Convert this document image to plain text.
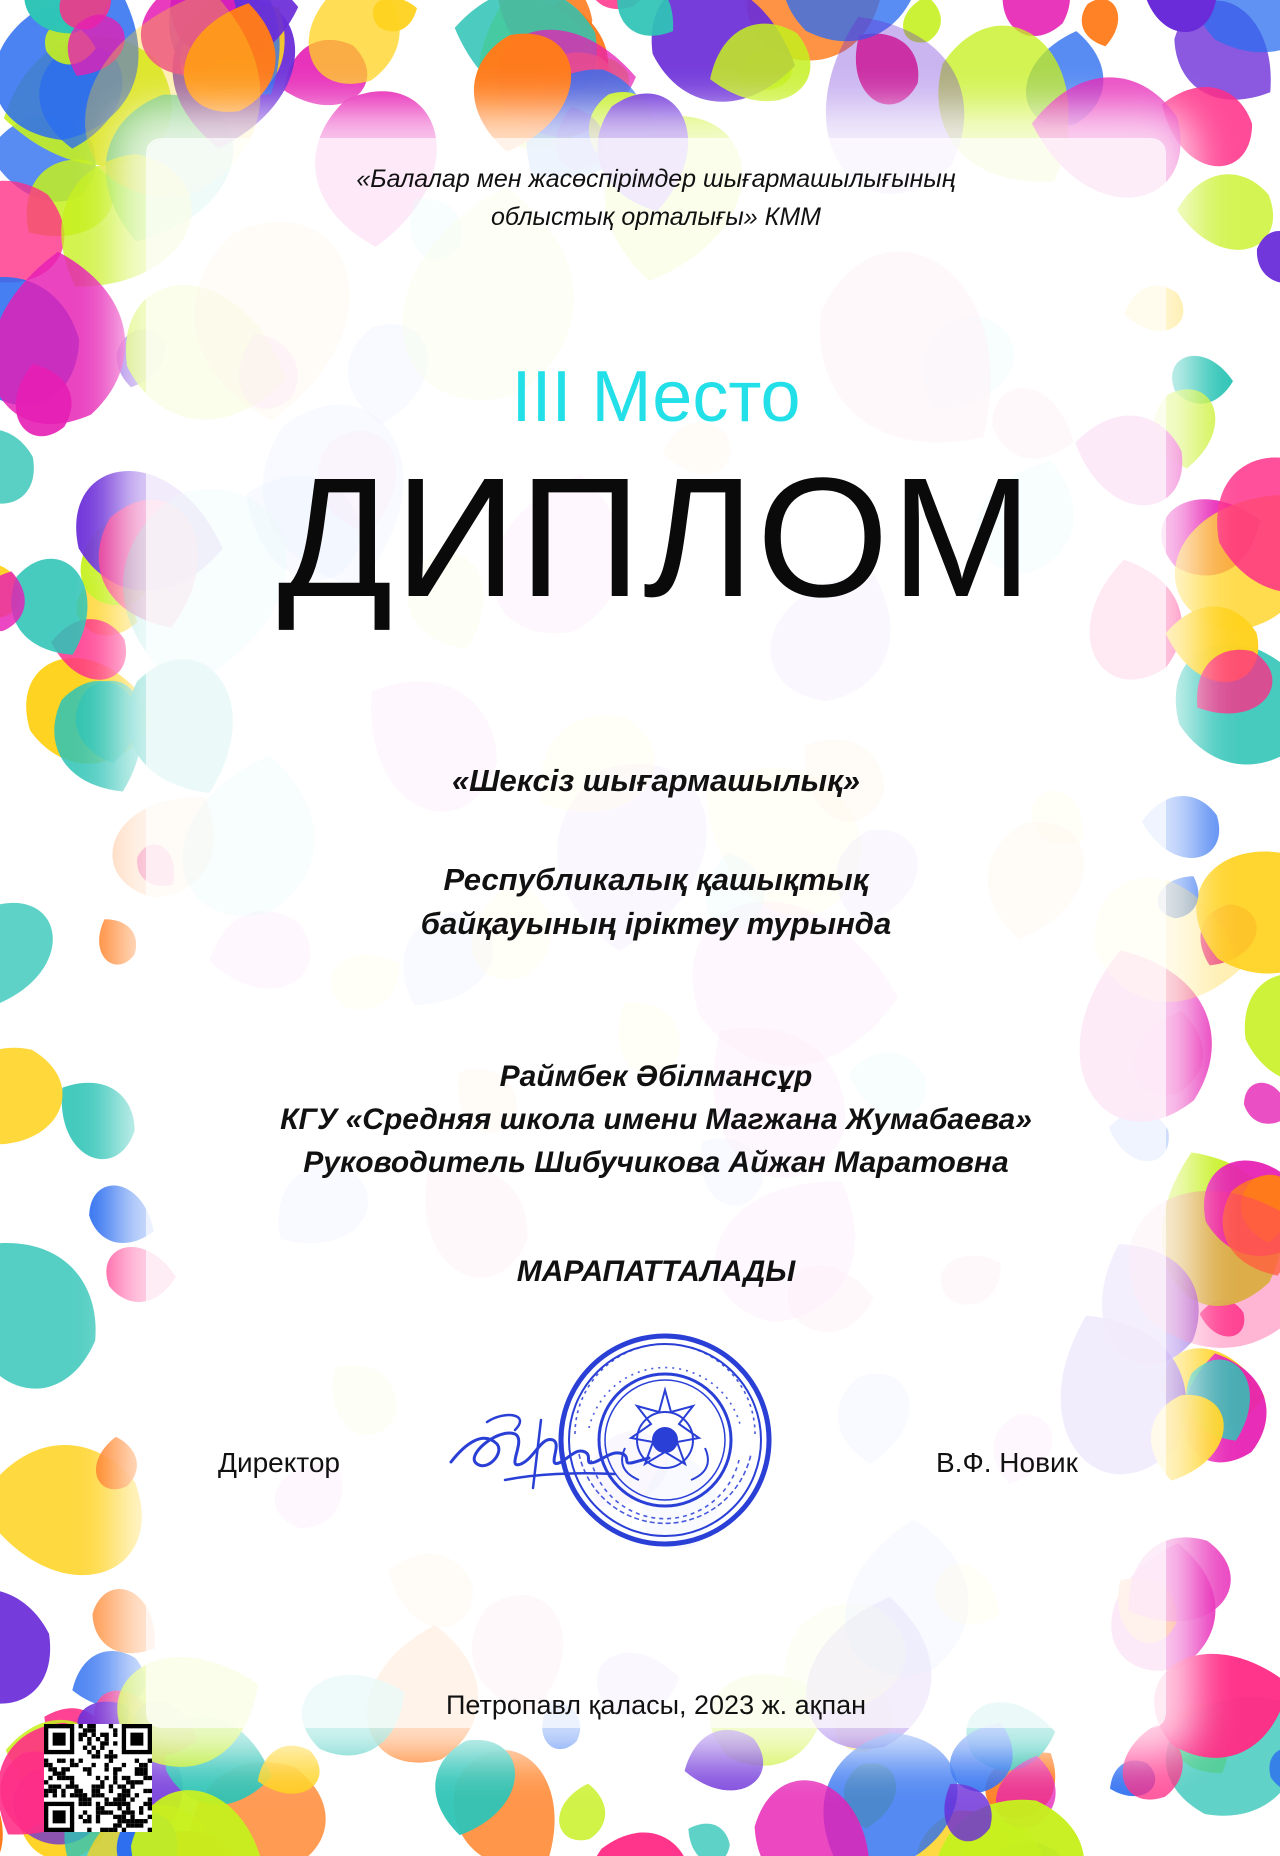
«Балалар мен жасөспірімдер шығармашылығының
облыстық орталығы» КММ
III Место
ДИПЛОМ
«Шексіз шығармашылық»
Республикалық қашықтық
байқауының іріктеу турында
Раймбек Әбілмансұр
КГУ «Средняя школа имени Магжана Жумабаева»
Руководитель Шибучикова Айжан Маратовна
МАРАПАТТАЛАДЫ
Директор	В.Ф. Новик
Петропавл қаласы, 2023 ж. ақпан
